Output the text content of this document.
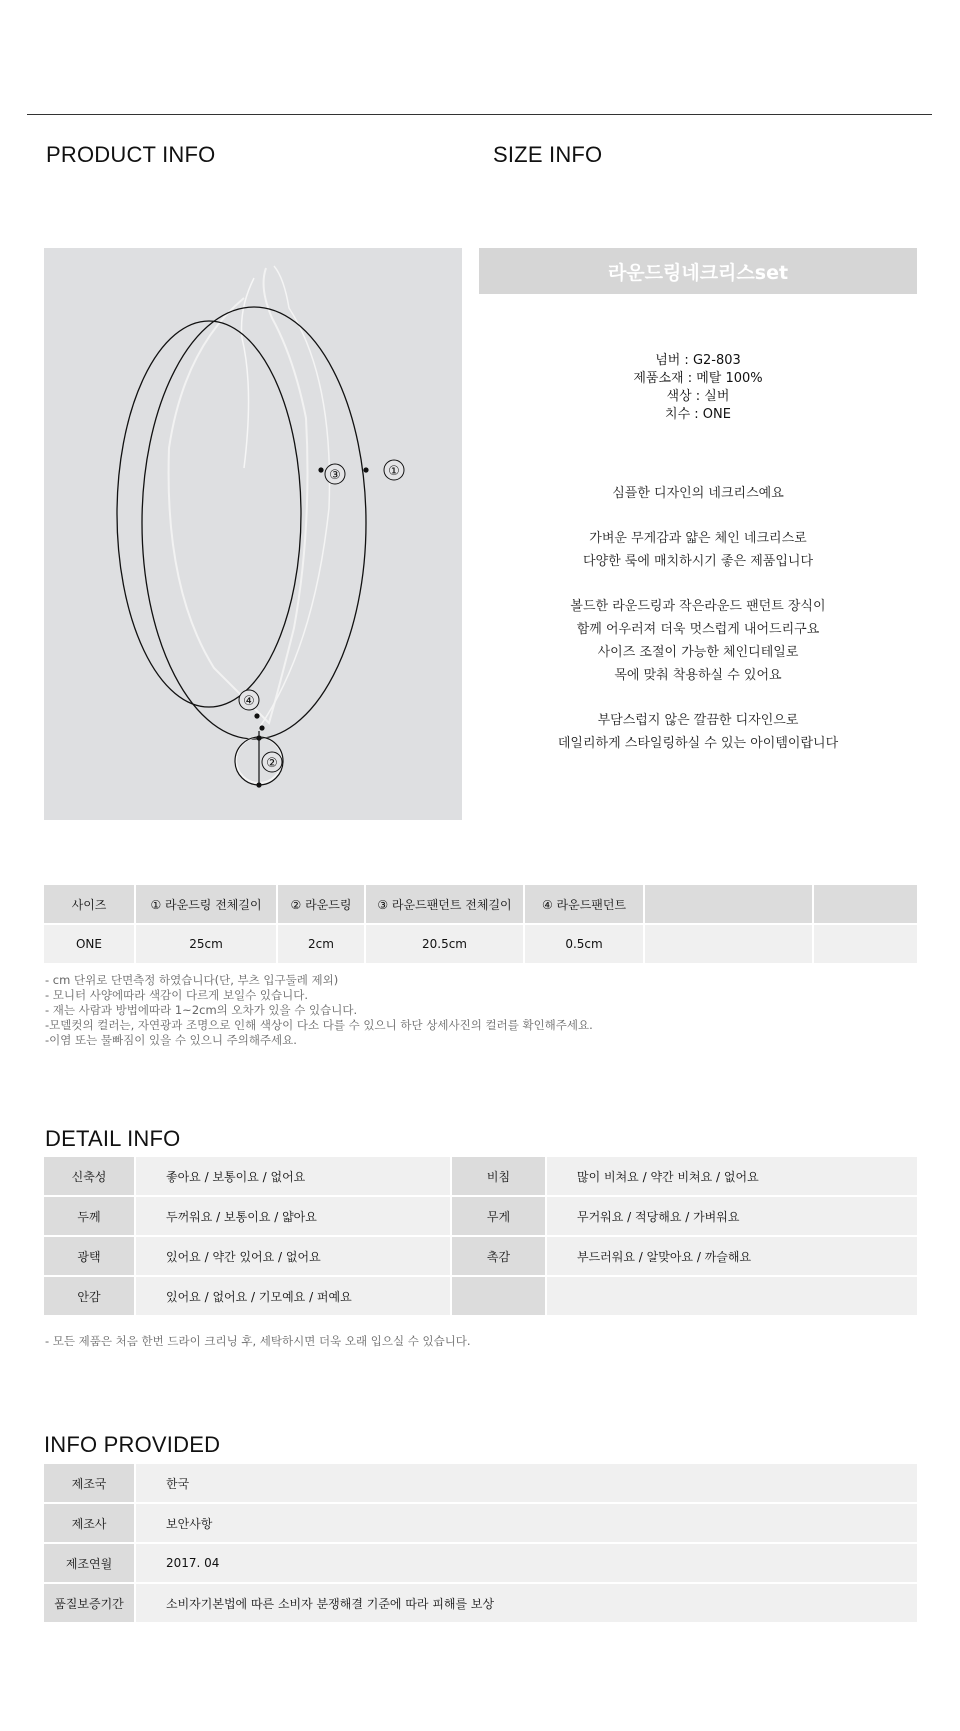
PRODUCT INFO	SIZE INFO
①
③
④
②
라운드링네크리스set
넘버 : G2-803
제품소재 : 메탈 100%
색상 : 실버
치수 : ONE
심플한 디자인의 네크리스예요
가벼운 무게감과 얇은 체인 네크리스로
다양한 룩에 매치하시기 좋은 제품입니다
볼드한 라운드링과 작은라운드 팬던트 장식이
함께 어우러져 더욱 멋스럽게 내어드리구요
사이즈 조절이 가능한 체인디테일로
목에 맞춰 착용하실 수 있어요
부담스럽지 않은 깔끔한 디자인으로
데일리하게 스타일링하실 수 있는 아이템이랍니다
사이즈	① 라운드링 전체길이	② 라운드링	③ 라운드팬던트 전체길이	④ 라운드팬던트		
ONE	25cm	2cm	20.5cm	0.5cm		
- cm 단위로 단면측정 하였습니다(단, 부츠 입구둘레 제외)
- 모니터 사양에따라 색감이 다르게 보일수 있습니다.
- 재는 사람과 방법에따라 1~2cm의 오차가 있을 수 있습니다.
-모델컷의 컬러는, 자연광과 조명으로 인해 색상이 다소 다를 수 있으니 하단 상세사진의 컬러를 확인해주세요.
-이염 또는 물빠짐이 있을 수 있으니 주의해주세요.
DETAIL INFO
신축성	좋아요 / 보통이요 / 없어요	비침	많이 비쳐요 / 약간 비쳐요 / 없어요
두께	두꺼워요 / 보통이요 / 얇아요	무게	무거워요 / 적당해요 / 가벼워요
광택	있어요 / 약간 있어요 / 없어요	촉감	부드러워요 / 알맞아요 / 까슬해요
안감	있어요 / 없어요 / 기모예요 / 퍼예요		
- 모든 제품은 처음 한번 드라이 크리닝 후, 세탁하시면 더욱 오래 입으실 수 있습니다.
INFO PROVIDED
제조국	한국
제조사	보안사항
제조연월	2017. 04
품질보증기간	소비자기본법에 따른 소비자 분쟁해결 기준에 따라 피해를 보상
